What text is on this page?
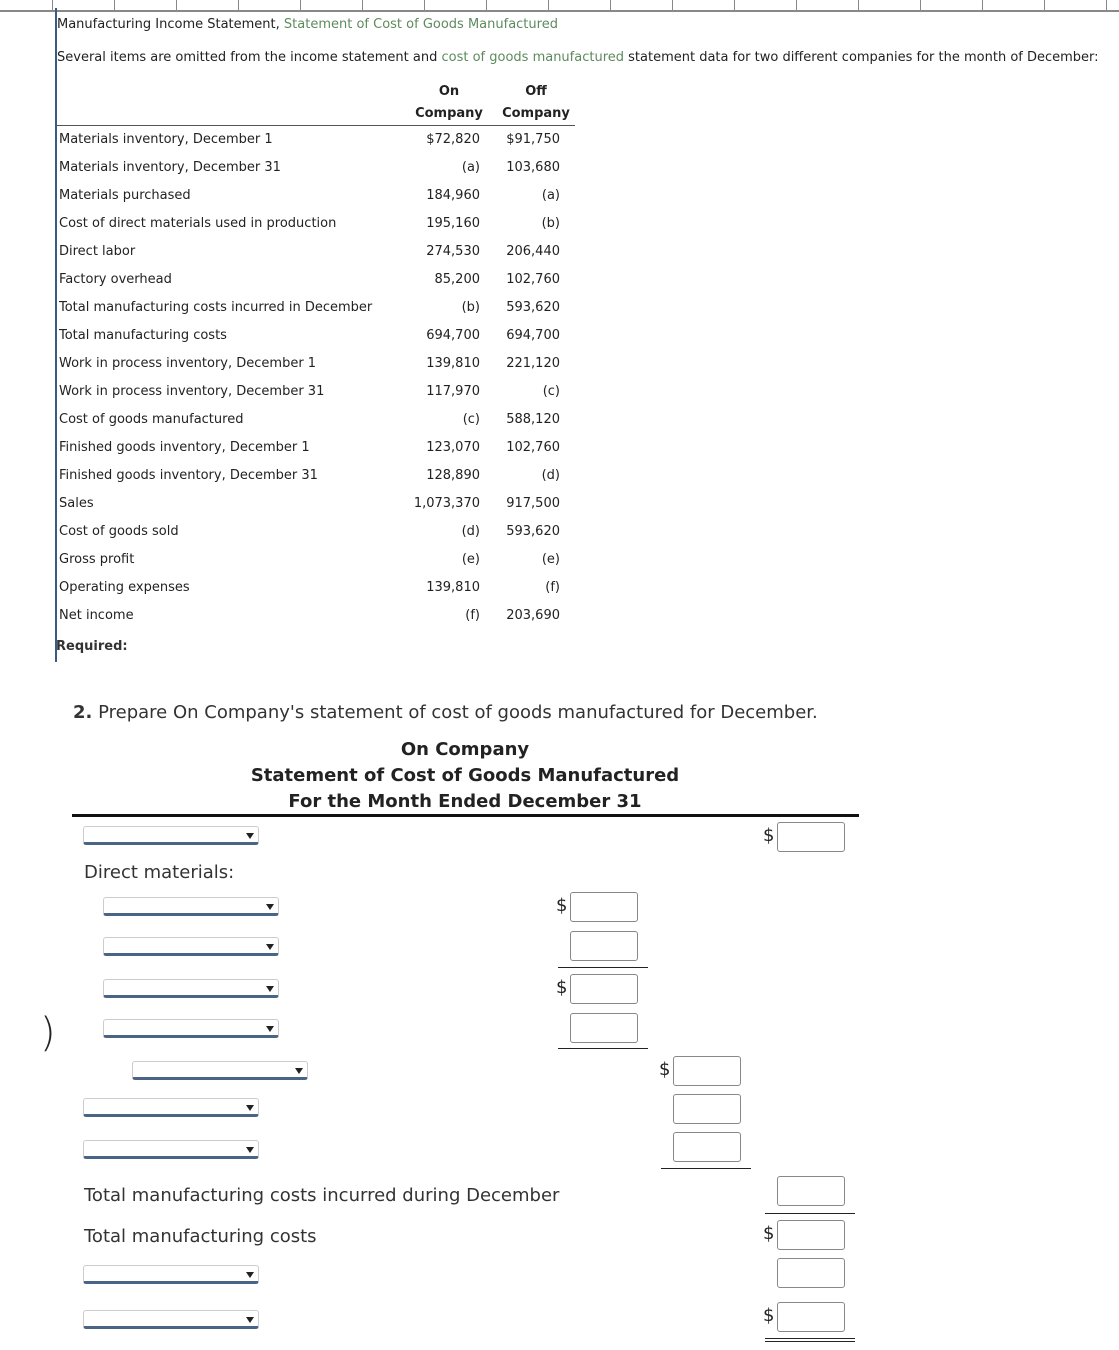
Manufacturing Income Statement, Statement of Cost of Goods Manufactured
Several items are omitted from the income statement and cost of goods manufactured statement data for two different companies for the month of December:
On
Company
Off
Company
Materials inventory, December 1	$72,820 $91,750
Materials inventory, December 31	(a) 103,680
Materials purchased	184,960	(a)
Cost of direct materials used in production	195,160	(b)
Direct labor	274,530 206,440
Factory overhead	85,200 102,760
Total manufacturing costs incurred in December	(b) 593,620
Total manufacturing costs	694,700 694,700
Work in process inventory, December 1	139,810 221,120
Work in process inventory, December 31	117,970	(c)
Cost of goods manufactured	(c) 588,120
Finished goods inventory, December 1	123,070 102,760
Finished goods inventory, December 31	128,890	(d)
Sales	1,073,370 917,500
Cost of goods sold	(d) 593,620
Gross profit	(e)	(e)
Operating expenses	139,810	(f)
Net income	(f) 203,690
Required:
2. Prepare On Company's statement of cost of goods manufactured for December.
On Company
Statement of Cost of Goods Manufactured
For the Month Ended December 31
)
Direct materials:
Total manufacturing costs incurred during December
Total manufacturing costs
$
$
$
$
$
$
